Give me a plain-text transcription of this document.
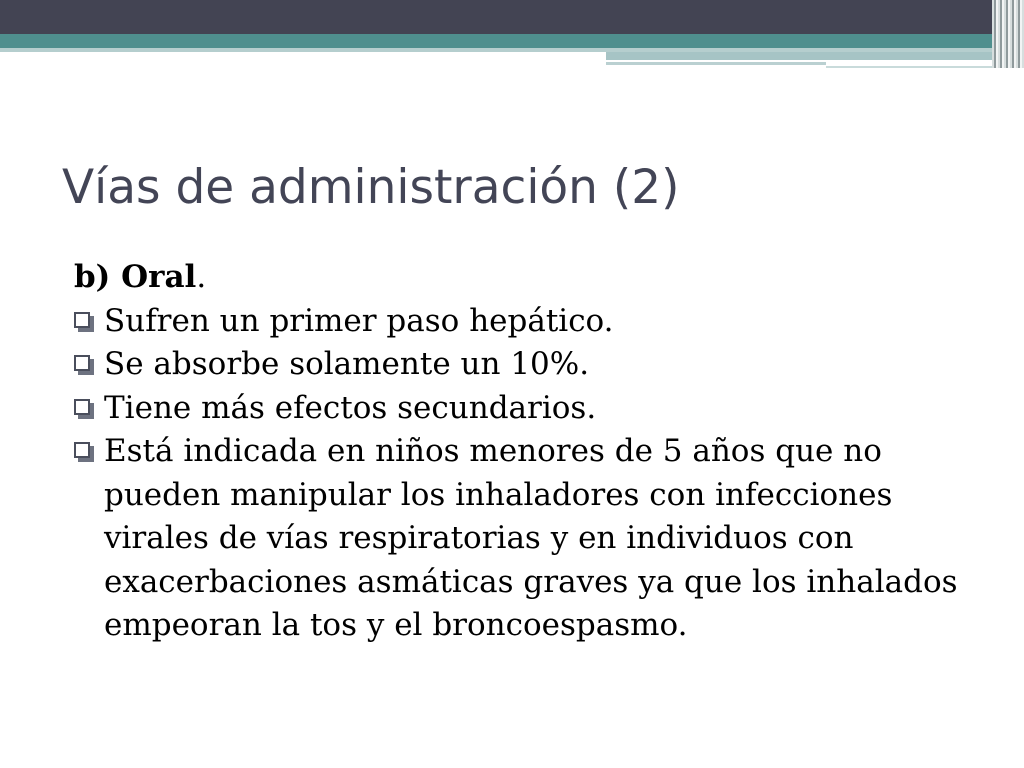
Vías de administración (2)

b) Oral.

Sufren un primer paso hepático.
Se absorbe solamente un 10%.
Tiene más efectos secundarios.
Está indicada en niños menores de 5 años que no pueden manipular los inhaladores con infecciones virales de vías respiratorias y en individuos con exacerbaciones asmáticas graves ya que los inhalados empeoran la tos y el broncoespasmo.
